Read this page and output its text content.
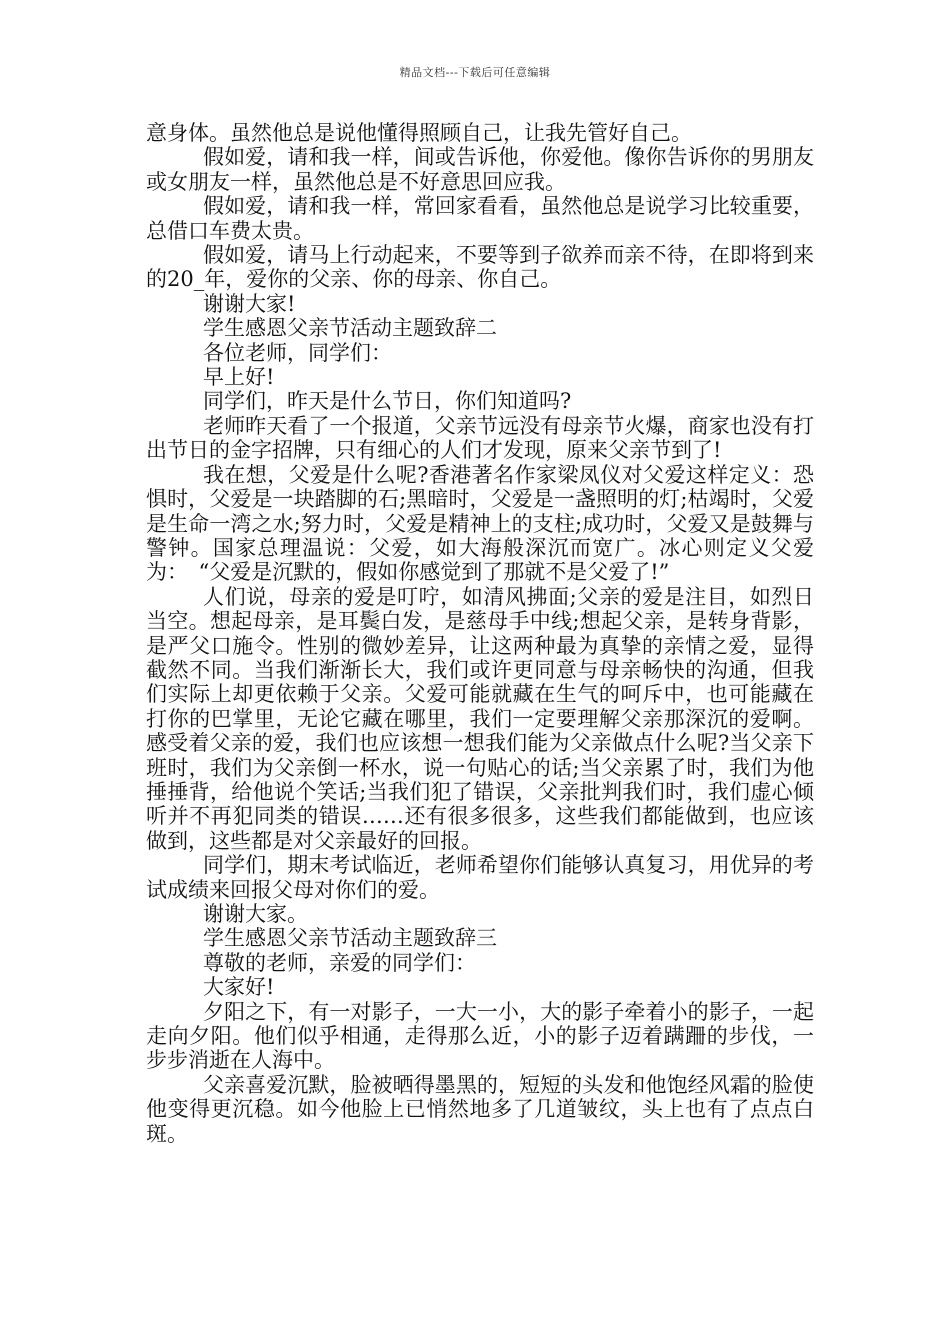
精品文档---下载后可任意编辑

意身体。虽然他总是说他懂得照顾自己，让我先管好自己。

假如爱，请和我一样，间或告诉他，你爱他。像你告诉你的男朋友或女朋友一样，虽然他总是不好意思回应我。

假如爱，请和我一样，常回家看看，虽然他总是说学习比较重要，总借口车费太贵。

假如爱，请马上行动起来，不要等到子欲养而亲不待，在即将到来的20_年，爱你的父亲、你的母亲、你自己。

谢谢大家!

学生感恩父亲节活动主题致辞二

各位老师，同学们：

早上好!

同学们，昨天是什么节日，你们知道吗?

老师昨天看了一个报道，父亲节远没有母亲节火爆，商家也没有打出节日的金字招牌，只有细心的人们才发现，原来父亲节到了!

我在想，父爱是什么呢?香港著名作家梁凤仪对父爱这样定义：恐惧时，父爱是一块踏脚的石;黑暗时，父爱是一盏照明的灯;枯竭时，父爱是生命一湾之水;努力时，父爱是精神上的支柱;成功时，父爱又是鼓舞与警钟。国家总理温说：父爱，如大海般深沉而宽广。冰心则定义父爱为：　“父爱是沉默的，假如你感觉到了那就不是父爱了!”

人们说，母亲的爱是叮咛，如清风拂面;父亲的爱是注目，如烈日当空。想起母亲，是耳鬓白发，是慈母手中线;想起父亲，是转身背影，是严父口施令。性别的微妙差异，让这两种最为真挚的亲情之爱，显得截然不同。当我们渐渐长大，我们或许更同意与母亲畅快的沟通，但我们实际上却更依赖于父亲。父爱可能就藏在生气的呵斥中，也可能藏在打你的巴掌里，无论它藏在哪里，我们一定要理解父亲那深沉的爱啊。感受着父亲的爱，我们也应该想一想我们能为父亲做点什么呢?当父亲下班时，我们为父亲倒一杯水，说一句贴心的话;当父亲累了时，我们为他捶捶背，给他说个笑话;当我们犯了错误，父亲批判我们时，我们虚心倾听并不再犯同类的错误……还有很多很多，这些我们都能做到，也应该做到，这些都是对父亲最好的回报。

同学们，期末考试临近，老师希望你们能够认真复习，用优异的考试成绩来回报父母对你们的爱。

谢谢大家。

学生感恩父亲节活动主题致辞三

尊敬的老师，亲爱的同学们：

大家好!

夕阳之下，有一对影子，一大一小，大的影子牵着小的影子，一起走向夕阳。他们似乎相通，走得那么近，小的影子迈着蹒跚的步伐，一步步消逝在人海中。

父亲喜爱沉默，脸被晒得墨黑的，短短的头发和他饱经风霜的脸使他变得更沉稳。如今他脸上已悄然地多了几道皱纹，头上也有了点点白斑。
